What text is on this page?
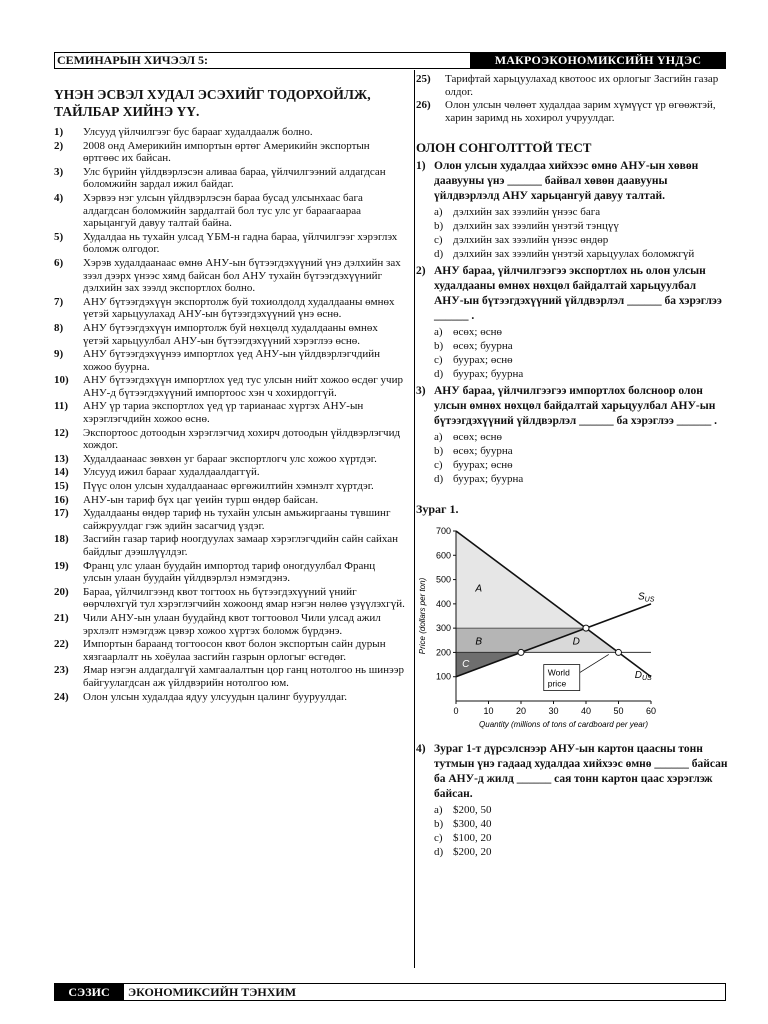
СЕМИНАРЫН ХИЧЭЭЛ 5:	МАКРОЭКОНОМИКСИЙН ҮНДЭС
ҮНЭН ЭСВЭЛ ХУДАЛ ЭСЭХИЙГ ТОДОРХОЙЛЖ, ТАЙЛБАР ХИЙНЭ ҮҮ.
1)	Улсууд үйлчилгээг бус барааг худалдаалж болно.
2)	2008 онд Америкийн импортын өртөг Америкийн экспортын өртгөөс их байсан.
3)	Улс бүрийн үйлдвэрлэсэн аливаа бараа, үйлчилгээний алдагдсан боломжийн зардал ижил байдаг.
4)	Хэрвээ нэг улсын үйлдвэрлэсэн бараа бусад улсынхаас бага алдагдсан боломжийн зардалтай бол тус улс уг бараагаараа харьцангуй давуу талтай байна.
5)	Худалдаа нь тухайн улсад ҮБМ-н гадна бараа, үйлчилгээг хэрэглэх боломж олгодог.
6)	Хэрэв худалдаанаас өмнө АНУ-ын бүтээгдэхүүний үнэ дэлхийн зах зээл дээрх үнээс хямд байсан бол АНУ тухайн бүтээгдэхүүнийг дэлхийн зах зээлд экспортлох болно.
7)	АНУ бүтээгдэхүүн экспортолж буй тохиолдолд худалдааны өмнөх үетэй харьцуулахад АНУ-ын бүтээгдэхүүний үнэ өснө.
8)	АНУ бүтээгдэхүүн импортолж буй нөхцөлд худалдааны өмнөх үетэй харьцуулбал АНУ-ын бүтээгдэхүүний хэрэглээ өснө.
9)	АНУ бүтээгдэхүүнээ импортлох үед АНУ-ын үйлдвэрлэгчдийн хожоо буурна.
10)	АНУ бүтээгдэхүүн импортлох үед тус улсын нийт хожоо өсдөг учир АНУ-д бүтээгдэхүүний импортоос хэн ч хохирдоггүй.
11)	АНУ үр тариа экспортлох үед үр тарианаас хүртэх АНУ-ын хэрэглэгчдийн хожоо өснө.
12)	Экспортоос дотоодын хэрэглэгчид хохирч дотоодын үйлдвэрлэгчид хождог.
13)	Худалдаанаас зөвхөн уг барааг экспортлогч улс хожоо хүртдэг.
14)	Улсууд ижил барааг худалдаалдаггүй.
15)	Пүүс олон улсын худалдаанаас өргөжилтийн хэмнэлт хүртдэг.
16)	АНУ-ын тариф бүх цаг үеийн турш өндөр байсан.
17)	Худалдааны өндөр тариф нь тухайн улсын амьжиргааны түвшинг сайжруулдаг гэж эдийн засагчид үздэг.
18)	Засгийн газар тариф ноогдуулах замаар хэрэглэгчдийн сайн сайхан байдлыг дээшлүүлдэг.
19)	Франц улс улаан буудайн импортод тариф оногдуулбал Франц улсын улаан буудайн үйлдвэрлэл нэмэгдэнэ.
20)	Бараа, үйлчилгээнд квот тогтоох нь бүтээгдэхүүний үнийг өөрчлөхгүй тул хэрэглэгчийн хожоонд ямар нэгэн нөлөө үзүүлэхгүй.
21)	Чили АНУ-ын улаан буудайнд квот тогтоовол Чили улсад ажил эрхлэлт нэмэгдэж цэвэр хожоо хүртэх боломж бүрдэнэ.
22)	Импортын бараанд тогтоосон квот болон экспортын сайн дурын хязгаарлалт нь хоёулаа засгийн газрын орлогыг өсгөдөг.
23)	Ямар нэгэн алдагдалгүй хамгаалалтын цор ганц нотолгоо нь шинээр байгуулагдсан аж үйлдвэрийн нотолгоо юм.
24)	Олон улсын худалдаа ядуу улсуудын цалинг бууруулдаг.
25)	Тарифтай харьцуулахад квотоос их орлогыг Засгийн газар олдог.
26)	Олон улсын чөлөөт худалдаа зарим хүмүүст үр өгөөжтэй, харин заримд нь хохирол учруулдаг.
ОЛОН СОНГОЛТТОЙ ТЕСТ
1) Олон улсын худалдаа хийхээс өмнө АНУ-ын хөвөн даавууны үнэ ______ байвал хөвөн даавууны үйлдвэрлэлд АНУ харьцангуй давуу талтай.
a) дэлхийн зах зээлийн үнээс бага
b) дэлхийн зах зээлийн үнэтэй тэнцүү
c) дэлхийн зах зээлийн үнээс өндөр
d) дэлхийн зах зээлийн үнэтэй харьцуулах боломжгүй
2) АНУ бараа, үйлчилгээгээ экспортлох нь олон улсын худалдааны өмнөх нөхцөл байдалтай харьцуулбал АНУ-ын бүтээгдэхүүний үйлдвэрлэл ______ ба хэрэглээ ______ .
a) өсөх; өснө
b) өсөх; буурна
c) буурах; өснө
d) буурах; буурна
3) АНУ бараа, үйлчилгээгээ импортлох болсноор олон улсын өмнөх нөхцөл байдалтай харьцуулбал АНУ-ын бүтээгдэхүүний үйлдвэрлэл ______ ба хэрэглээ ______ .
a) өсөх; өснө
b) өсөх; буурна
c) буурах; өснө
d) буурах; буурна
Зураг 1.
0	10 20 30 40 50 60
100
200
300
400
500
600
700
Quantity (millions of tons of cardboard per year)
Price (dollars per ton)	A
B
C
D
$S_{US}$
$D_{US}$
World
price
4) Зураг 1-т дүрсэлснээр АНУ-ын картон цаасны тонн тутмын үнэ гадаад худалдаа хийхээс өмнө ______ байсан ба АНУ-д жилд ______ сая тонн картон цаас хэрэглэж байсан.
a) $200, 50
b) $300, 40
c) $100, 20
d) $200, 20
СЭЗИС	ЭКОНОМИКСИЙН ТЭНХИМ
